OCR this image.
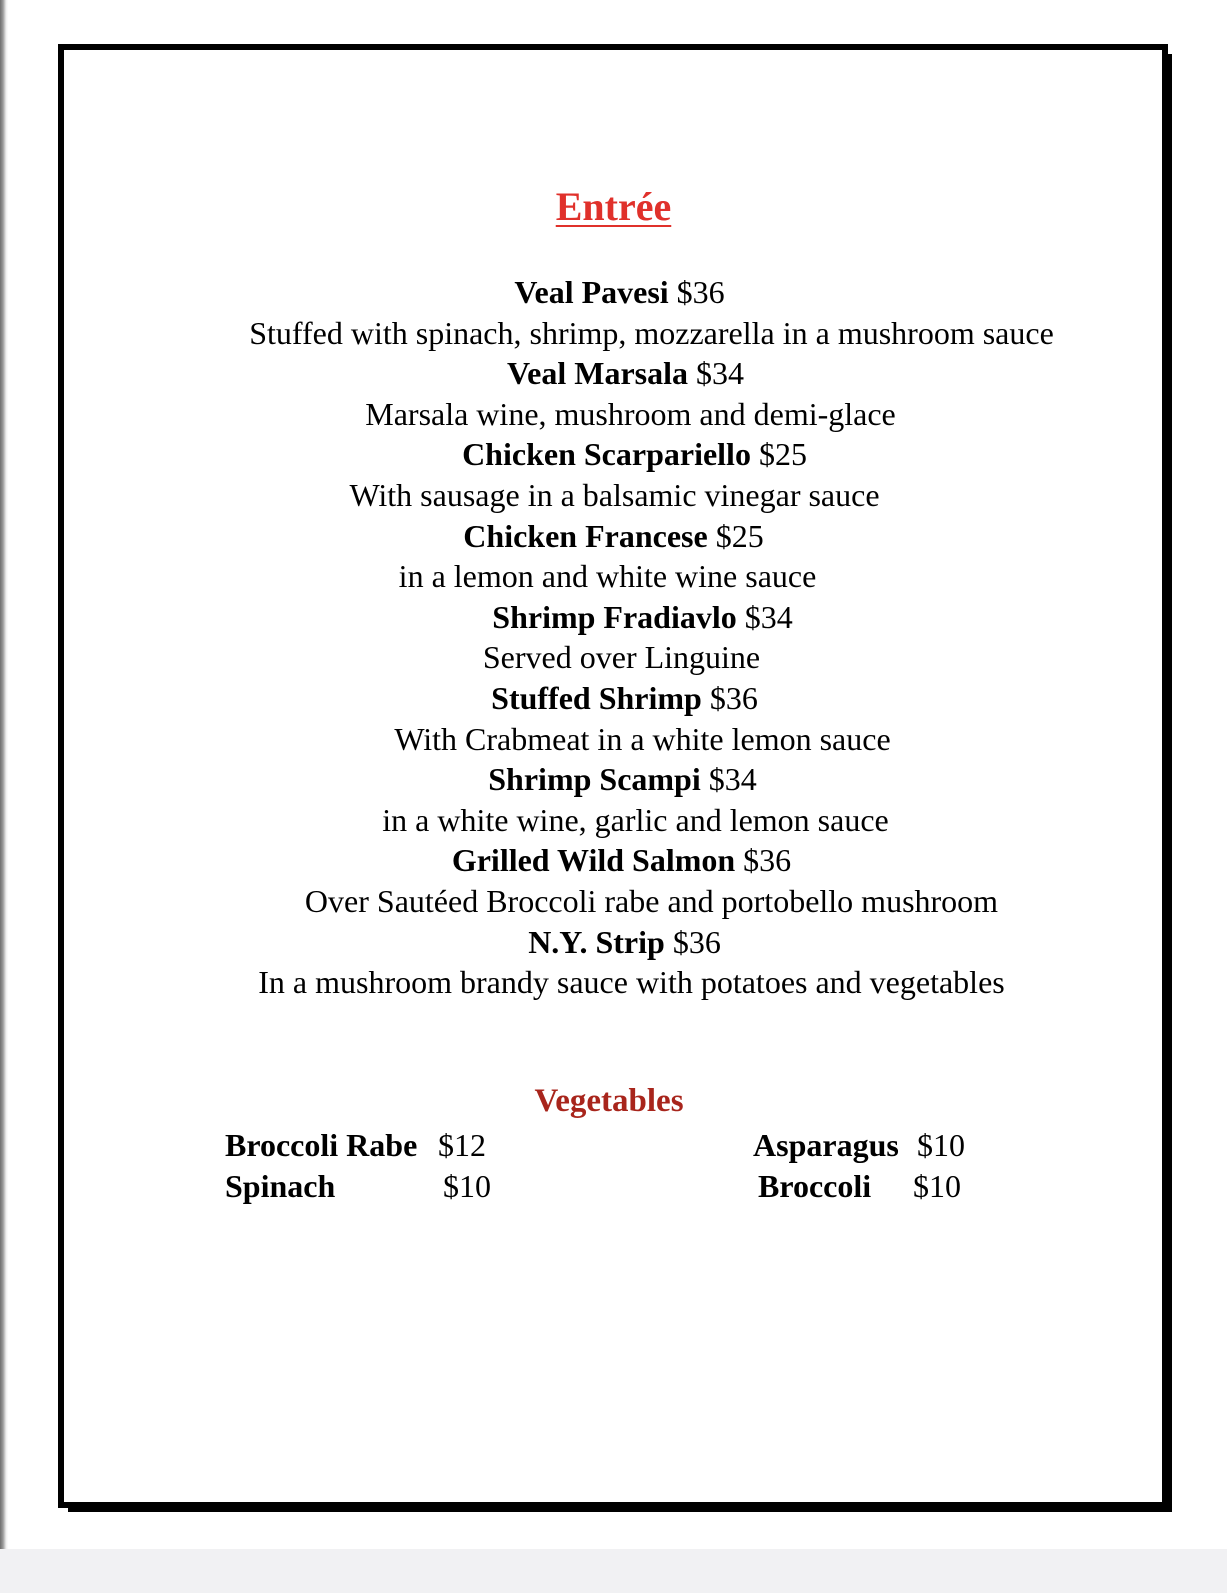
Entrée
Veal Pavesi $36
Stuffed with spinach, shrimp, mozzarella in a mushroom sauce
Veal Marsala $34
Marsala wine, mushroom and demi-glace
Chicken Scarpariello $25
With sausage in a balsamic vinegar sauce
Chicken Francese $25
in a lemon and white wine sauce
Shrimp Fradiavlo $34
Served over Linguine
Stuffed Shrimp $36
With Crabmeat in a white lemon sauce
Shrimp Scampi $34
in a white wine, garlic and lemon sauce
Grilled Wild Salmon $36
Over Sautéed Broccoli rabe and portobello mushroom
N.Y. Strip $36
In a mushroom brandy sauce with potatoes and vegetables
Vegetables
Broccoli Rabe $12
Spinach	$10
Asparagus $10
Broccoli $10
